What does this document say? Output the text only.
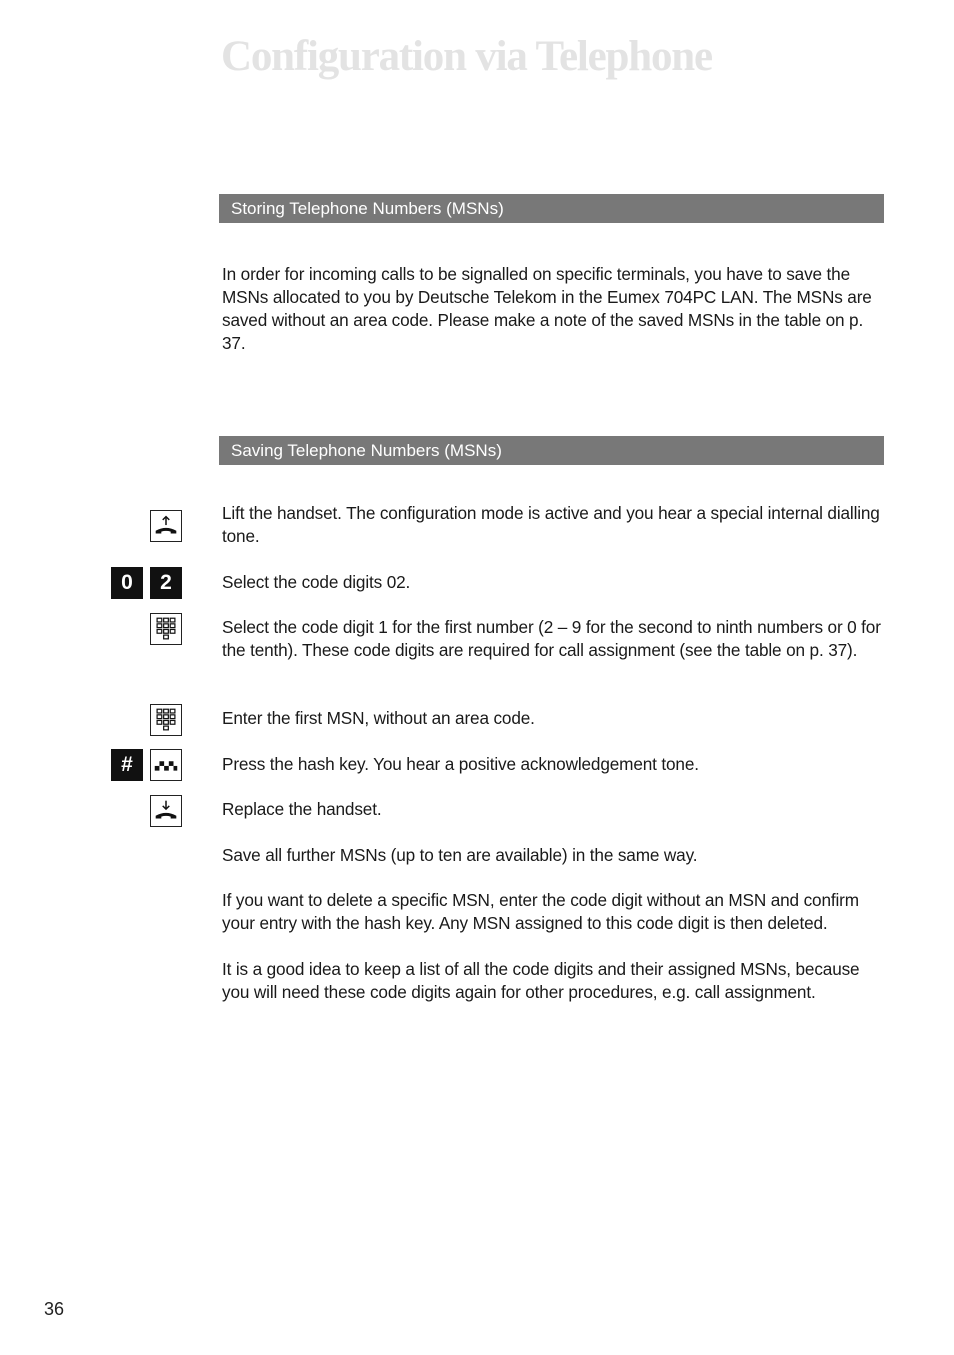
Configuration via Telephone
Storing Telephone Numbers (MSNs)
In order for incoming calls to be signalled on specific terminals, you have to save the MSNs allocated to you by Deutsche Telekom in the Eumex 704PC LAN. The MSNs are saved without an area code. Please make a note of the saved MSNs in the table on p. 37.
Saving Telephone Numbers (MSNs)
Lift the handset. The configuration mode is active and you hear a special internal dialling tone.
0	2	Select the code digits 02.
Select the code digit 1 for the first number (2 – 9 for the second to ninth numbers or 0 for the tenth). These code digits are required for call assignment (see the table on p. 37).
Enter the first MSN, without an area code.
#	Press the hash key. You hear a positive acknowledgement tone.
Replace the handset.
Save all further MSNs (up to ten are available) in the same way.
If you want to delete a specific MSN, enter the code digit without an MSN and confirm your entry with the hash key. Any MSN assigned to this code digit is then deleted.
It is a good idea to keep a list of all the code digits and their assigned MSNs, because you will need these code digits again for other procedures, e.g. call assignment.
36
